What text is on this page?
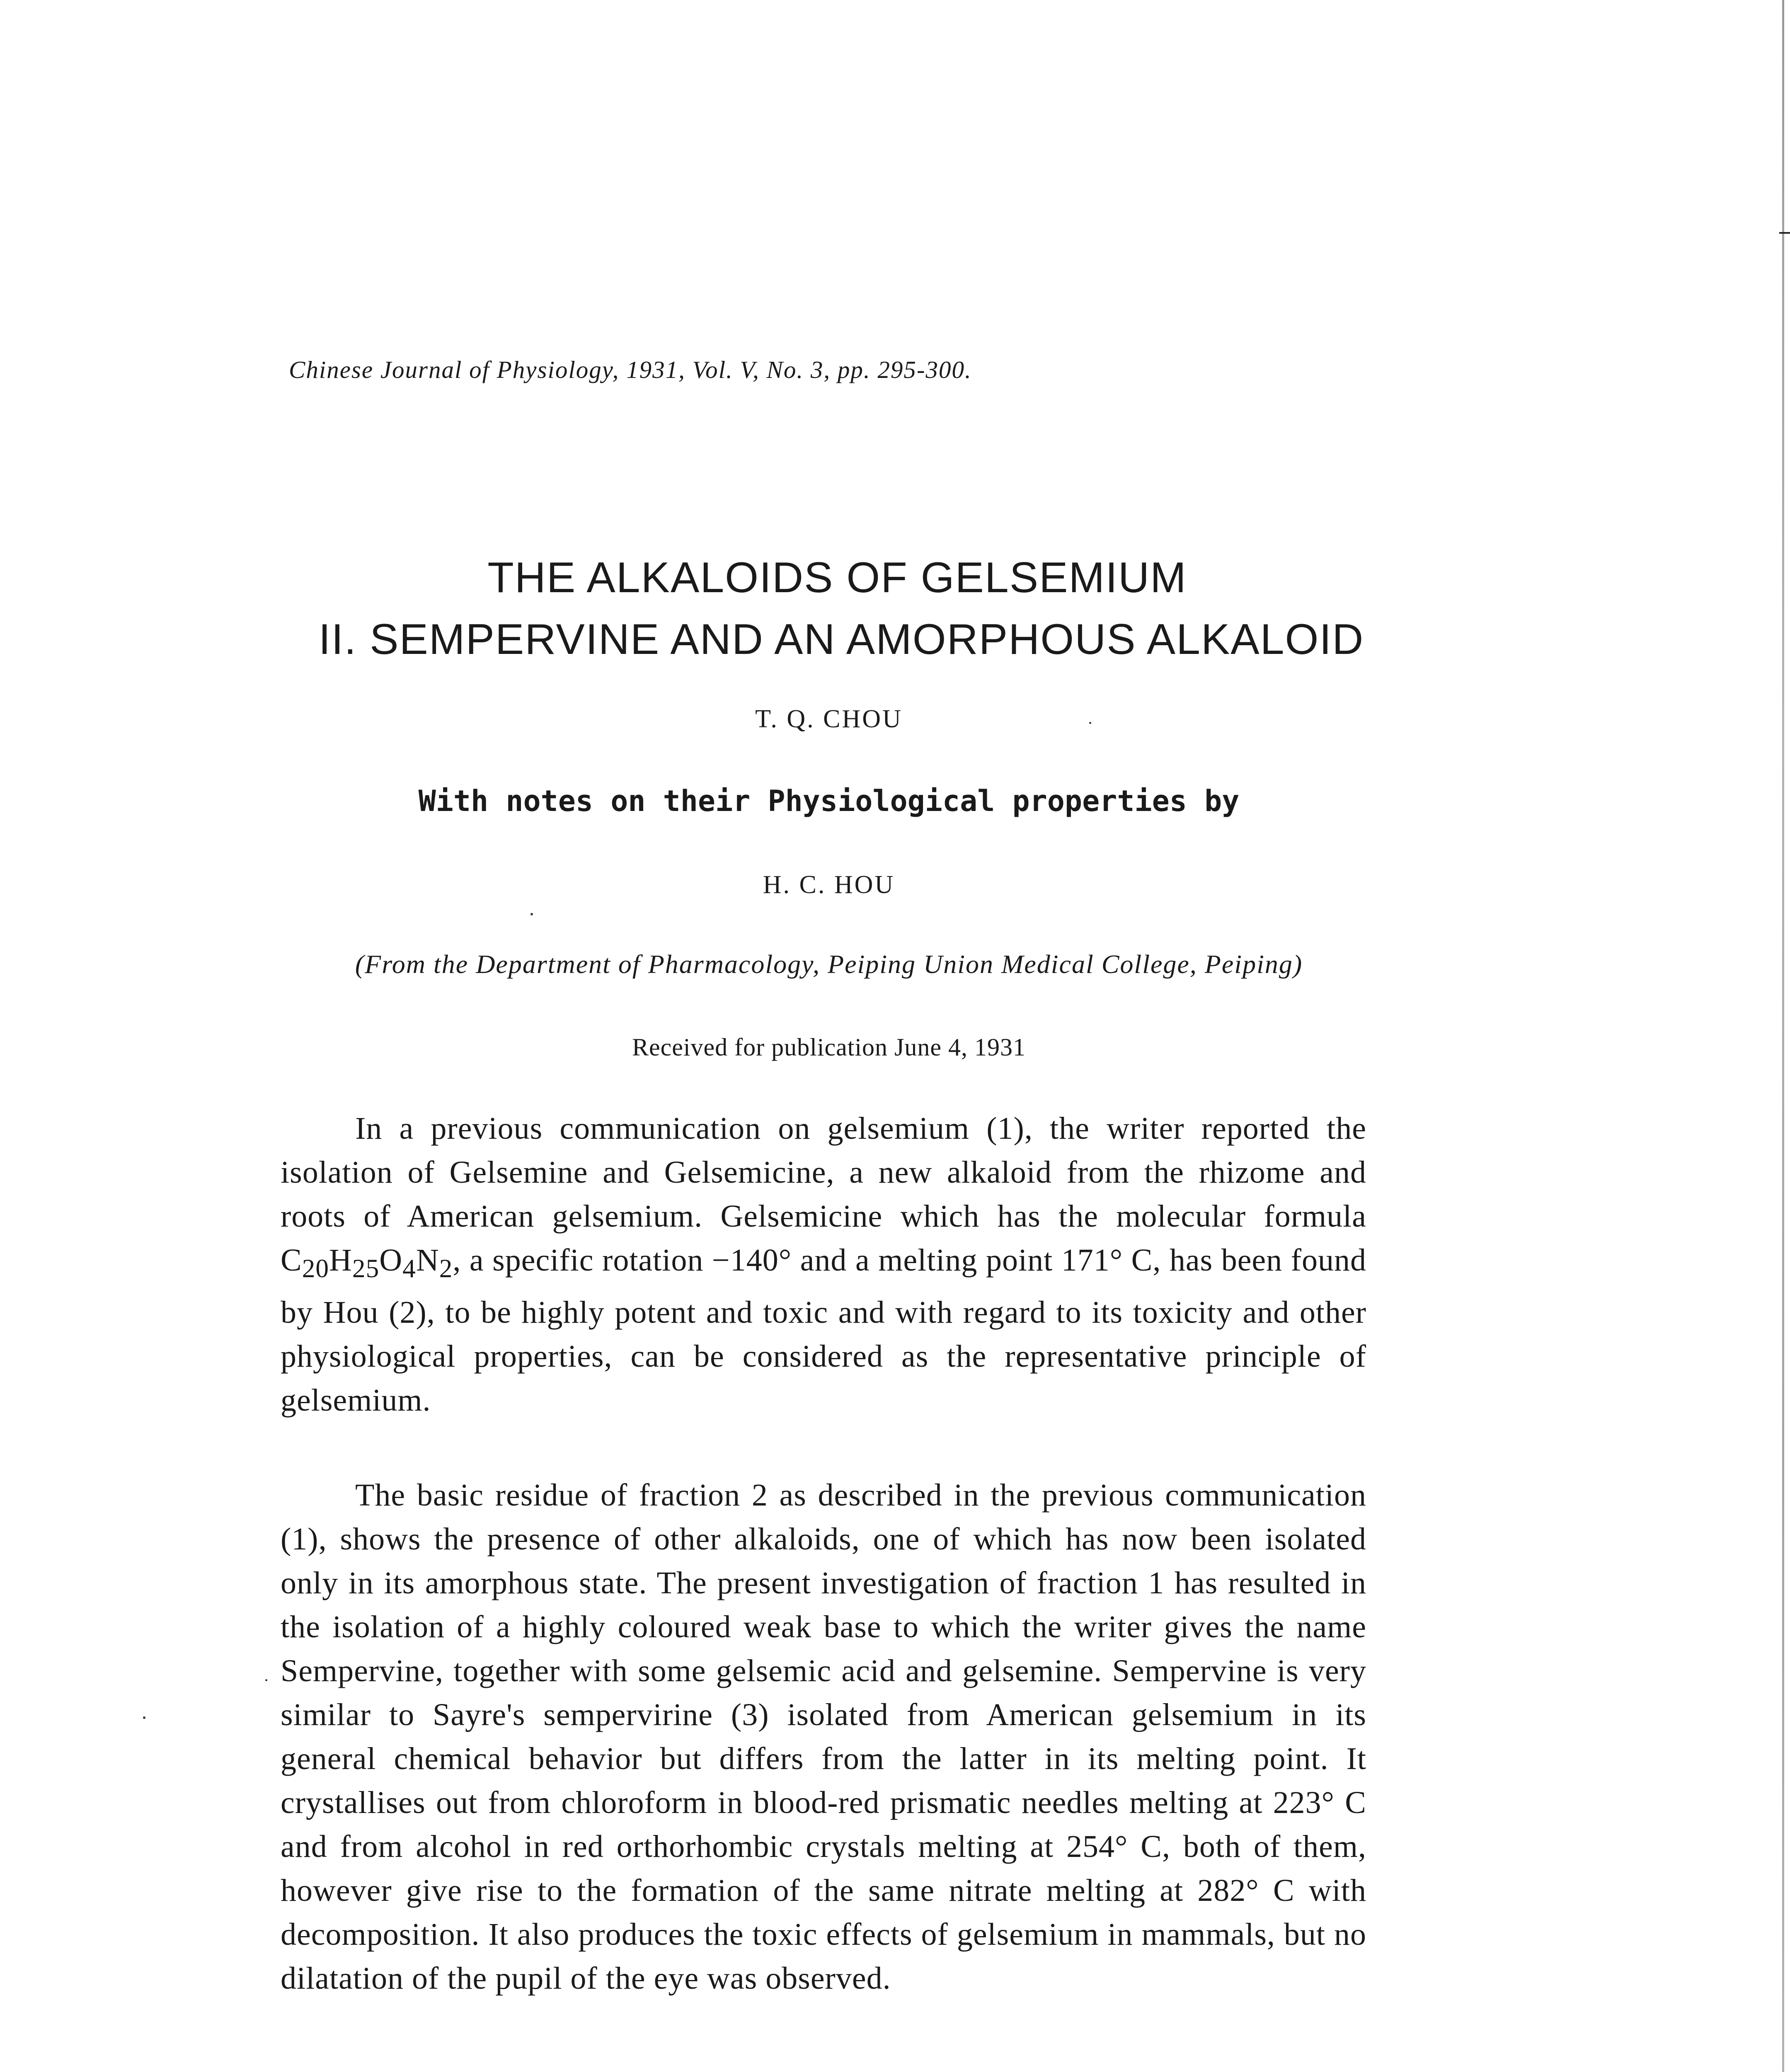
Chinese Journal of Physiology, 1931, Vol. V, No. 3, pp. 295-300.
THE ALKALOIDS OF GELSEMIUM
II. SEMPERVINE AND AN AMORPHOUS ALKALOID
T. Q. CHOU
With notes on their Physiological properties by
H. C. HOU
(From the Department of Pharmacology, Peiping Union Medical College, Peiping)
Received for publication June 4, 1931
In a previous communication on gelsemium (1), the writer reported the isolation of Gelsemine and Gelsemicine, a new alkaloid from the rhizome and roots of American gelsemium. Gelsemicine which has the molecular formula $C_{20}H_{25}O_4N_2$, a specific rotation −140° and a melting point 171° C, has been found by Hou (2), to be highly potent and toxic and with regard to its toxicity and other physiological properties, can be considered as the representative principle of gelsemium.
The basic residue of fraction 2 as described in the previous communication (1), shows the presence of other alkaloids, one of which has now been isolated only in its amorphous state. The present investigation of fraction 1 has resulted in the isolation of a highly coloured weak base to which the writer gives the name Sempervine, together with some gelsemic acid and gelsemine. Sempervine is very similar to Sayre's sempervirine (3) isolated from American gelsemium in its general chemical behavior but differs from the latter in its melting point. It crystallises out from chloroform in blood-red prismatic needles melting at 223° C and from alcohol in red orthorhombic crystals melting at 254° C, both of them, however give rise to the formation of the same nitrate melting at 282° C with decomposition. It also produces the toxic effects of gelsemium in mammals, but no dilatation of the pupil of the eye was observed.
